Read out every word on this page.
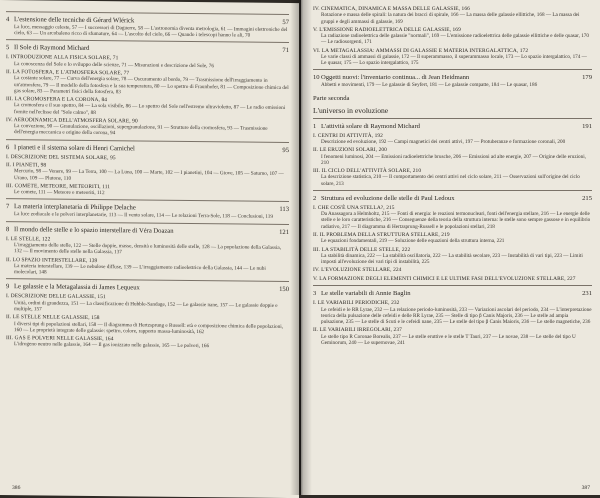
4 L'estensione delle tecniche di Gérard Wlérick	57
La luce, messaggio celeste, 57 — I successori di Daguerre, 58 — L'astronomia diventa metrologia, 61 — Immagini elettroniche del cielo, 63 — Un arcobaleno ricco di sfumature, 64 — L'ascolto del cielo, 66 — Quando i telescopi hanno le ali, 70
5 Il Sole di Raymond Michard	71
I. INTRODUZIONE ALLA FISICA SOLARE, 71
La conoscenza del Sole e lo sviluppo delle scienze, 71 — Misurazioni e descrizione del Sole, 76
II. LA FOTOSFERA, E L'ATMOSFERA SOLARE, 77
La costante solare, 77 — Curva dell'energia solare, 78 — Oscuramento al bordo, 79 — Trasmissione dell'irraggiamento in un'atmosfera, 79 — Il modello della fotosfera e la sua temperatura, 80 — Lo spettro di Fraunhofer, 81 — Composizione chimica del gas solare, 83 — Parametri fisici della fotosfera, 83
III. LA CROMOSFERA E LA CORONA, 84
La cromosfera e il suo spettro, 84 — La sola visibile, 86 — Lo spettro del Sole nell'estremo ultravioletto, 87 — Le radio emissioni fornite nell'eclisse del "Sole calmo", 88
IV. AERODINAMICA DELL'ATMOSFERA SOLARE, 90
La convezione, 90 — Granulazione, oscillazioni, supergranulazione, 91 — Strutture della cromosfera, 93 — Trasmissione dell'energia meccanica e origine della corona, 94
6 I pianeti e il sistema solare di Henri Camichel	95
I. DESCRIZIONE DEL SISTEMA SOLARE, 95
II. I PIANETI, 98
Mercurio, 98 — Venere, 99 — La Terra, 100 — La Luna, 100 — Marte, 102 — I pianetini, 104 — Giove, 105 — Saturno, 107 — Urano, 109 — Plutone, 110
III. COMETE, METEORE, METEORITI, 111
Le comete, 111 — Meteore e meteoriti, 112
7 La materia interplanetaria di Philippe Delache	113
La luce zodiacale e le polveri interplanetarie, 113 — Il vento solare, 114 — Le relazioni Terra-Sole, 118 — Conclusioni, 119
8 Il mondo delle stelle e lo spazio interstellare di Véra Doazan	121
I. LE STELLE, 122
L'irraggiamento delle stelle, 122 — Stelle doppie, masse, densità e luminosità delle stelle, 128 — La popolazione della Galassia, 132 — Il movimento delle stelle nella Galassia, 137
II. LO SPAZIO INTERSTELLARE, 139
La materia interstellare, 139 — Le nebulose diffuse, 139 — L'irraggiamento radioelettrico della Galassia, 144 — Le nubi molecolari, 148
9 Le galassie e la Metagalassia di James Lequeux	150
I. DESCRIZIONE DELLE GALASSIE, 151
Unità, ordini di grandezza, 151 — La classificazione di Hubble-Sandage, 152 — Le galassie nane, 157 — Le galassie doppie e multiple, 157
II. LE STELLE NELLE GALASSIE, 158
I diversi tipi di popolazioni stellari, 158 — Il diagramma di Hertzsprung e Russell: età e composizione chimica delle popolazioni, 160 — Le proprietà integrate delle galassie: spettro, colore, rapporto massa-luminosità, 162
III. GAS E POLVERI NELLE GALASSIE, 164
L'idrogeno neutro nelle galassie, 164 — Il gas ionizzato nelle galassie, 165 — Le polveri, 166
386
IV. CINEMATICA, DINAMICA E MASSA DELLE GALASSIE, 166
Rotazione e massa delle spirali: la natura dei bracci di spirale, 166 — La massa delle galassie ellittiche, 168 — La massa dei gruppi e degli ammassi di galassie, 169
V. L'EMISSIONE RADIOELETTRICA DELLE GALASSIE, 169
La radiazione radioelettrica delle galassie "normali", 169 — L'emissione radioelettrica delle galassie ellittiche e delle quasar, 170 — Le radiosorgenti, 171
VI. LA METAGALASSIA: AMMASSI DI GALASSIE E MATERIA INTERGALATTICA, 172
Le varie classi di ammassi di galassie, 172 — Il superammasso, il superammasso locale, 173 — Lo spazio intergalattico, 174 — Le quasar, 175 — Lo spazio intergalattico, 175
10 Oggetti nuovi: l'inventario continua... di Jean Heidmann	179
Abbetti e movimenti, 179 — Le galassie di Seyfert, 181 — Le galassie compatte, 184 — Le quasar, 186
Parte seconda
L'universo in evoluzione
1 L'attività solare di Raymond Michard	191
I. CENTRI DI ATTIVITÀ, 192
Descrizione ed evoluzione, 192 — Campi magnetici dei centri attivi, 197 — Protuberanze e formazione coronali, 200
II. LE ERUZIONI SOLARI, 200
I fenomeni luminosi, 204 — Emissioni radioelettriche brusche, 206 — Emissioni ad alte energie, 207 — Origine delle eruzioni, 210
III. IL CICLO DELL'ATTIVITÀ SOLARE, 210
La descrizione statistica, 210 — Il comportamento dei centri attivi nel ciclo solare, 211 — Osservazioni sull'origine del ciclo solare, 213
2 Struttura ed evoluzione delle stelle di Paul Ledoux	215
I. CHE COS'È UNA STELLA?, 215
Da Anassagora a Helmholtz, 215 — Fonti di energia: le reazioni termonucleari, fonti dell'energia stellare, 216 — Le energie delle stelle e le loro caratteristiche, 216 — Conseguenze della teoria della struttura interna: le stelle sono sempre gassose e in equilibrio radiativo, 217 — Il diagramma di Hertzsprung-Russell e le popolazioni stellari, 218
II. IL PROBLEMA DELLA STRUTTURA STELLARE, 219
Le equazioni fondamentali, 219 — Soluzione delle equazioni della struttura interna, 221
III. LA STABILITÀ DELLE STELLE, 222
La stabilità dinamica, 222 — La stabilità oscillatoria, 222 — La stabilità secolare, 223 — Instabilità di vari tipi, 223 — Limiti imposti all'evoluzione dei vari tipi di instabilità, 225
IV. L'EVOLUZIONE STELLARE, 224
V. LA FORMAZIONE DEGLI ELEMENTI CHIMICI E LE ULTIME FASI DELL'EVOLUZIONE STELLARE, 227
3 Le stelle variabili di Annie Baglin	231
I. LE VARIABILI PERIODICHE, 232
Le cefeidi e le RR Lyrae, 232 — La relazione periodo-luminosità, 233 — Variazioni ascolari del periodo, 234 — L'interpretazione teorica della pulsazione delle cefeidi e delle RR Lyrae, 235 — Stelle di tipo β Canis Majoris, 236 — Le stelle ad ampia pulsazione, 235 — Le stelle di Scuti e le cefeidi nane, 235 — Le stelle del tipo β Canis Maioris, 236 — Le stelle magnetiche, 236
II. LE VARIABILI IRREGOLARI, 237
Le stelle tipo R Coronae Borealis, 237 — Le stelle eruttive e le stelle T Tauri, 237 — Le novae, 238 — Le stelle del tipo U Geminorum, 240 — Le supernovae, 241
387
